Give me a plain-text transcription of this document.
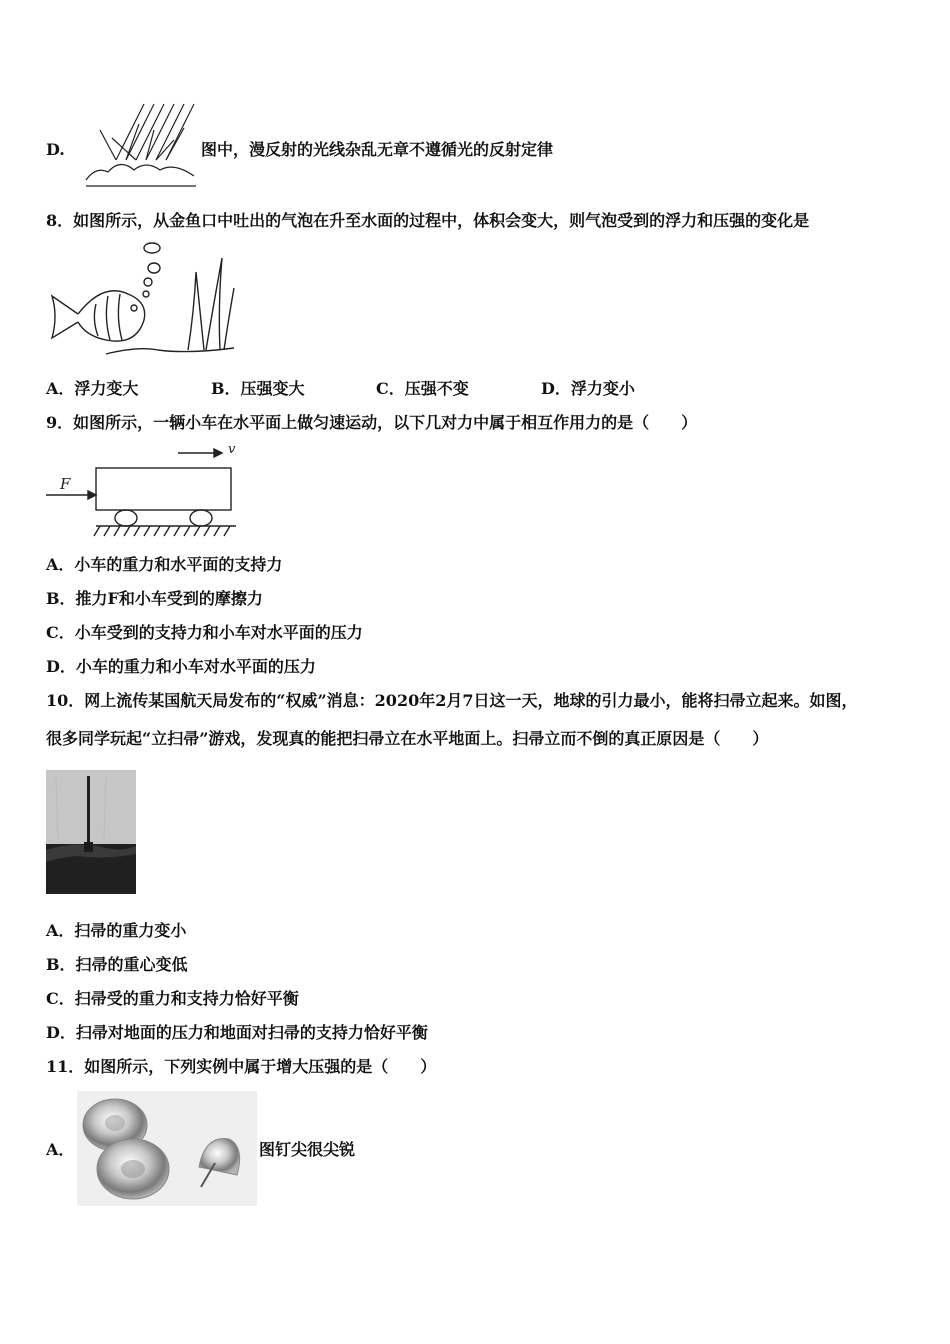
D.	图中，漫反射的光线杂乱无章不遵循光的反射定律
8．如图所示，从金鱼口中吐出的气泡在升至水面的过程中，体积会变大，则气泡受到的浮力和压强的变化是
A．浮力变大	B．压强变大	C．压强不变	D．浮力变小
9．如图所示，一辆小车在水平面上做匀速运动，以下几对力中属于相互作用力的是（　　）
F
v
A．小车的重力和水平面的支持力
B．推力F和小车受到的摩擦力
C．小车受到的支持力和小车对水平面的压力
D．小车的重力和小车对水平面的压力
10．网上流传某国航天局发布的“权威”消息：2020年2月7日这一天，地球的引力最小，能将扫帚立起来。如图，
很多同学玩起“立扫帚”游戏，发现真的能把扫帚立在水平地面上。扫帚立而不倒的真正原因是（　　）
A．扫帚的重力变小
B．扫帚的重心变低
C．扫帚受的重力和支持力恰好平衡
D．扫帚对地面的压力和地面对扫帚的支持力恰好平衡
11．如图所示，下列实例中属于增大压强的是（　　）
A．	图钉尖很尖锐
